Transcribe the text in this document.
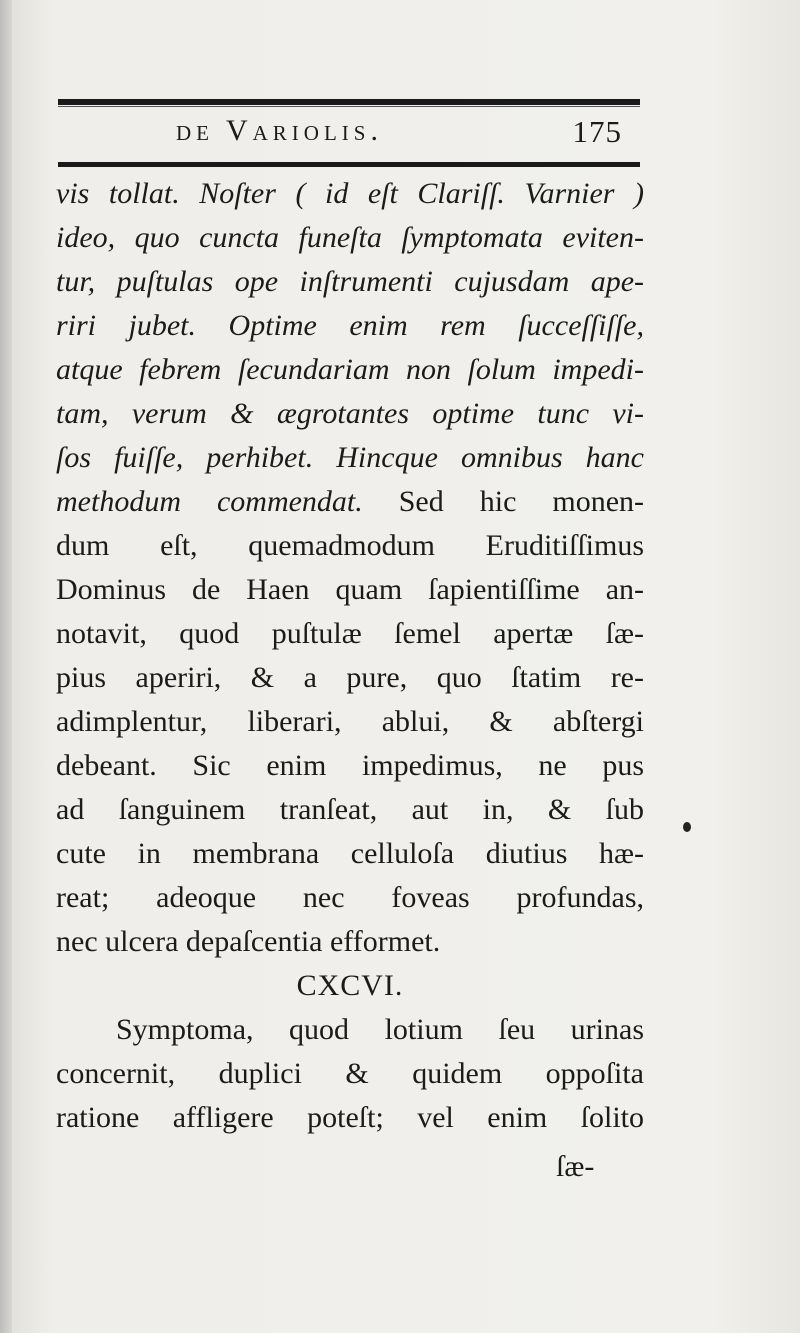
de Variolis.	175
vis tollat. Noſter ( id eſt Clariſſ. Varnier )
ideo, quo cuncta funeſta ſymptomata eviten-
tur, puſtulas ope inſtrumenti cujusdam ape-
riri jubet. Optime enim rem ſucceſſiſſe,
atque febrem ſecundariam non ſolum impedi-
tam, verum & ægrotantes optime tunc vi-
ſos fuiſſe, perhibet. Hincque omnibus hanc
methodum commendat. Sed hic monen-
dum eſt, quemadmodum Eruditiſſimus
Dominus de Haen quam ſapientiſſime an-
notavit, quod puſtulæ ſemel apertæ ſæ-
pius aperiri, & a pure, quo ſtatim re-
adimplentur, liberari, ablui, & abſtergi
debeant. Sic enim impedimus, ne pus
ad ſanguinem tranſeat, aut in, & ſub
cute in membrana celluloſa diutius hæ-
reat; adeoque nec foveas profundas,
nec ulcera depaſcentia efformet.
CXCVI.
Symptoma, quod lotium ſeu urinas
concernit, duplici & quidem oppoſita
ratione affligere poteſt; vel enim ſolito
ſæ-
